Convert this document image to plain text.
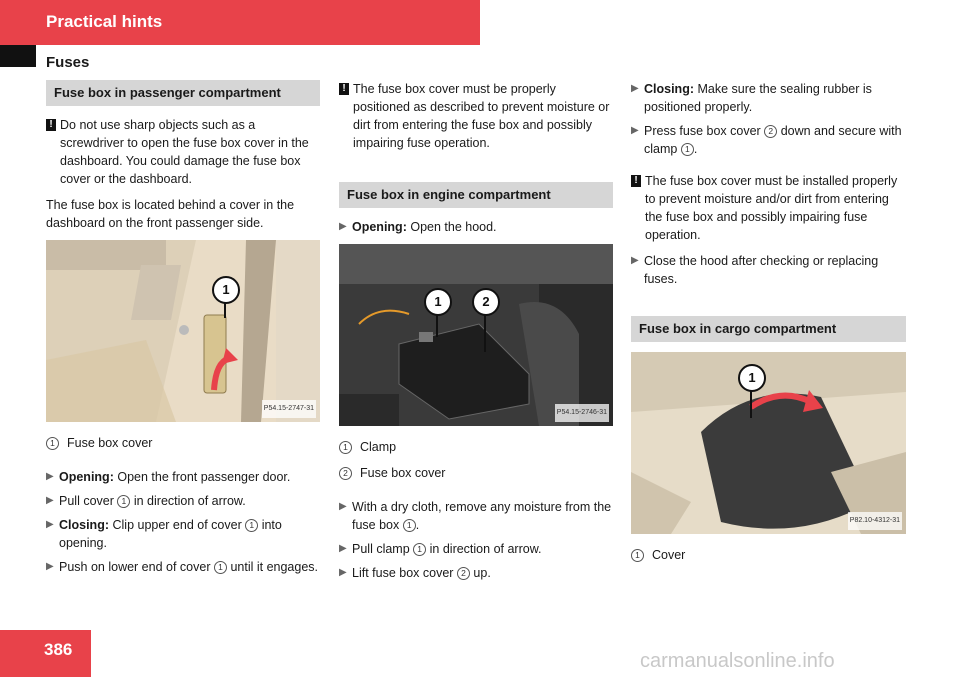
Practical hints
Fuses
Fuse box in passenger compartment

! Do not use sharp objects such as a screwdriver to open the fuse box cover in the dashboard. You could damage the fuse box cover or the dashboard.

The fuse box is located behind a cover in the dashboard on the front passenger side.

1
P54.15-2747-31

1 Fuse box cover

▶ Opening: Open the front passenger door.
▶ Pull cover 1 in direction of arrow.
▶ Closing: Clip upper end of cover 1 into opening.
▶ Push on lower end of cover 1 until it engages.

! The fuse box cover must be properly positioned as described to prevent moisture or dirt from entering the fuse box and possibly impairing fuse operation.

Fuse box in engine compartment
▶ Opening: Open the hood.
1	2
P54.15-2746-31

1 Clamp

2 Fuse box cover

▶ With a dry cloth, remove any moisture from the fuse box 1 .
▶ Pull clamp 1 in direction of arrow.
▶ Lift fuse box cover 2 up.
▶ Closing: Make sure the sealing rubber is positioned properly.
▶ Press fuse box cover 2 down and secure with clamp 1 .

! The fuse box cover must be installed properly to prevent moisture and/or dirt from entering the fuse box and possibly impairing fuse operation.

▶ Close the hood after checking or replacing fuses.
Fuse box in cargo compartment
1
P82.10-4312-31

1 Cover

386
carmanualsonline.info
